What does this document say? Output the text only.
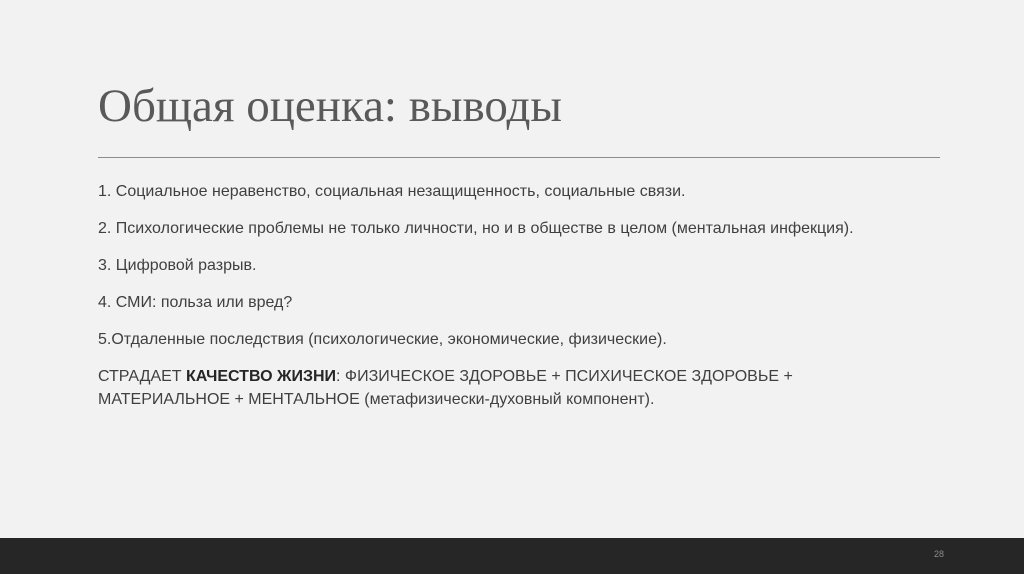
Общая оценка: выводы

1. Социальное неравенство, социальная незащищенность, социальные связи.

2. Психологические проблемы не только личности, но и в обществе в целом (ментальная инфекция).

3. Цифровой разрыв.

4. СМИ: польза или вред?

5.Отдаленные последствия (психологические, экономические, физические).

СТРАДАЕТ КАЧЕСТВО ЖИЗНИ: ФИЗИЧЕСКОЕ ЗДОРОВЬЕ + ПСИХИЧЕСКОЕ ЗДОРОВЬЕ + МАТЕРИАЛЬНОЕ + МЕНТАЛЬНОЕ (метафизически-духовный компонент).

28
